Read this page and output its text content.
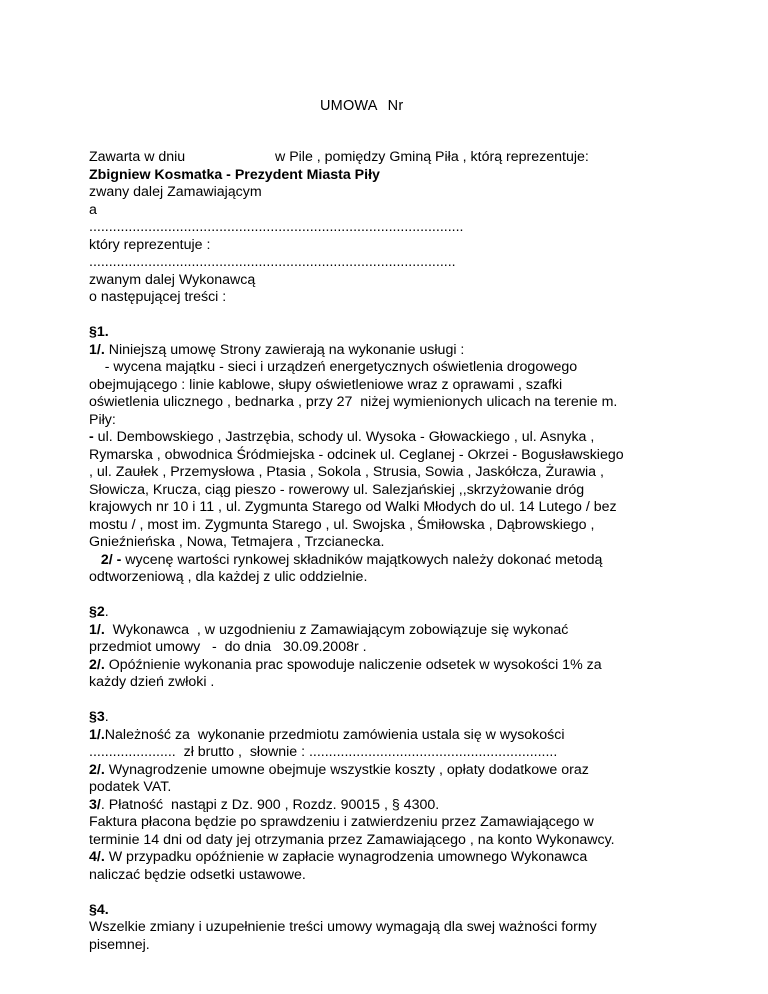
UMOWA Nr
Zawarta w dniu	w Pile , pomiędzy Gminą Piła , którą reprezentuje:
Zbigniew Kosmatka - Prezydent Miasta Piły
zwany dalej Zamawiającym
a
...............................................................................................
który reprezentuje :
.............................................................................................
zwanym dalej Wykonawcą
o następującej treści :
§1.
1/. Niniejszą umowę Strony zawierają na wykonanie usługi :
- wycena majątku - sieci i urządzeń energetycznych oświetlenia drogowego
obejmującego : linie kablowe, słupy oświetleniowe wraz z oprawami , szafki
oświetlenia ulicznego , bednarka , przy 27  niżej wymienionych ulicach na terenie m.
Piły:
- ul. Dembowskiego , Jastrzębia, schody ul. Wysoka - Głowackiego , ul. Asnyka ,
Rymarska , obwodnica Śródmiejska - odcinek ul. Ceglanej - Okrzei - Bogusławskiego
, ul. Zaułek , Przemysłowa , Ptasia , Sokola , Strusia, Sowia , Jaskółcza, Żurawia ,
Słowicza, Krucza, ciąg pieszo - rowerowy ul. Salezjańskiej ,,skrzyżowanie dróg
krajowych nr 10 i 11 , ul. Zygmunta Starego od Walki Młodych do ul. 14 Lutego / bez
mostu / , most im. Zygmunta Starego , ul. Swojska , Śmiłowska , Dąbrowskiego ,
Gnieźnieńska , Nowa, Tetmajera , Trzcianecka.
2/ - wycenę wartości rynkowej składników majątkowych należy dokonać metodą
odtworzeniową , dla każdej z ulic oddzielnie.
§2.
1/.  Wykonawca  , w uzgodnieniu z Zamawiającym zobowiązuje się wykonać
przedmiot umowy   -  do dnia   30.09.2008r .
2/. Opóźnienie wykonania prac spowoduje naliczenie odsetek w wysokości 1% za
każdy dzień zwłoki .
§3.
1/.Należność za  wykonanie przedmiotu zamówienia ustala się w wysokości
......................  zł brutto ,  słownie : ...............................................................
2/. Wynagrodzenie umowne obejmuje wszystkie koszty , opłaty dodatkowe oraz
podatek VAT.
3/. Płatność  nastąpi z Dz. 900 , Rozdz. 90015 , § 4300.
Faktura płacona będzie po sprawdzeniu i zatwierdzeniu przez Zamawiającego w
terminie 14 dni od daty jej otrzymania przez Zamawiającego , na konto Wykonawcy.
4/. W przypadku opóźnienie w zapłacie wynagrodzenia umownego Wykonawca
naliczać będzie odsetki ustawowe.
§4.
Wszelkie zmiany i uzupełnienie treści umowy wymagają dla swej ważności formy
pisemnej.
